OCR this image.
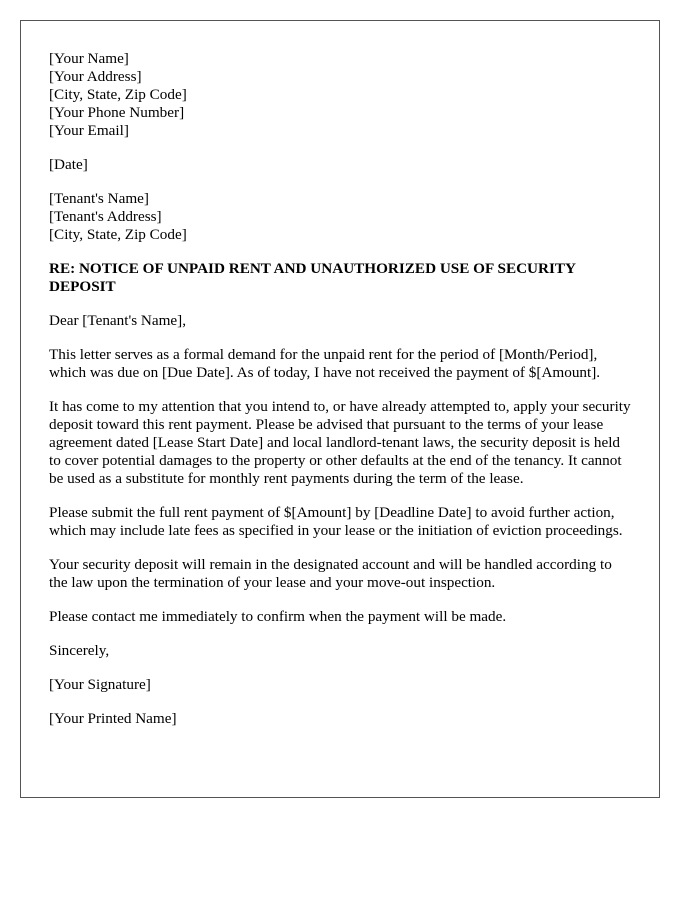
[Your Name]
[Your Address]
[City, State, Zip Code]
[Your Phone Number]
[Your Email]
[Date]
[Tenant's Name]
[Tenant's Address]
[City, State, Zip Code]
RE: NOTICE OF UNPAID RENT AND UNAUTHORIZED USE OF SECURITY DEPOSIT

Dear [Tenant's Name],

This letter serves as a formal demand for the unpaid rent for the period of [Month/Period], which was due on [Due Date]. As of today, I have not received the payment of $[Amount].

It has come to my attention that you intend to, or have already attempted to, apply your security deposit toward this rent payment. Please be advised that pursuant to the terms of your lease agreement dated [Lease Start Date] and local landlord-tenant laws, the security deposit is held to cover potential damages to the property or other defaults at the end of the tenancy. It cannot be used as a substitute for monthly rent payments during the term of the lease.

Please submit the full rent payment of $[Amount] by [Deadline Date] to avoid further action, which may include late fees as specified in your lease or the initiation of eviction proceedings.

Your security deposit will remain in the designated account and will be handled according to the law upon the termination of your lease and your move-out inspection.

Please contact me immediately to confirm when the payment will be made.

Sincerely,

[Your Signature]

[Your Printed Name]
